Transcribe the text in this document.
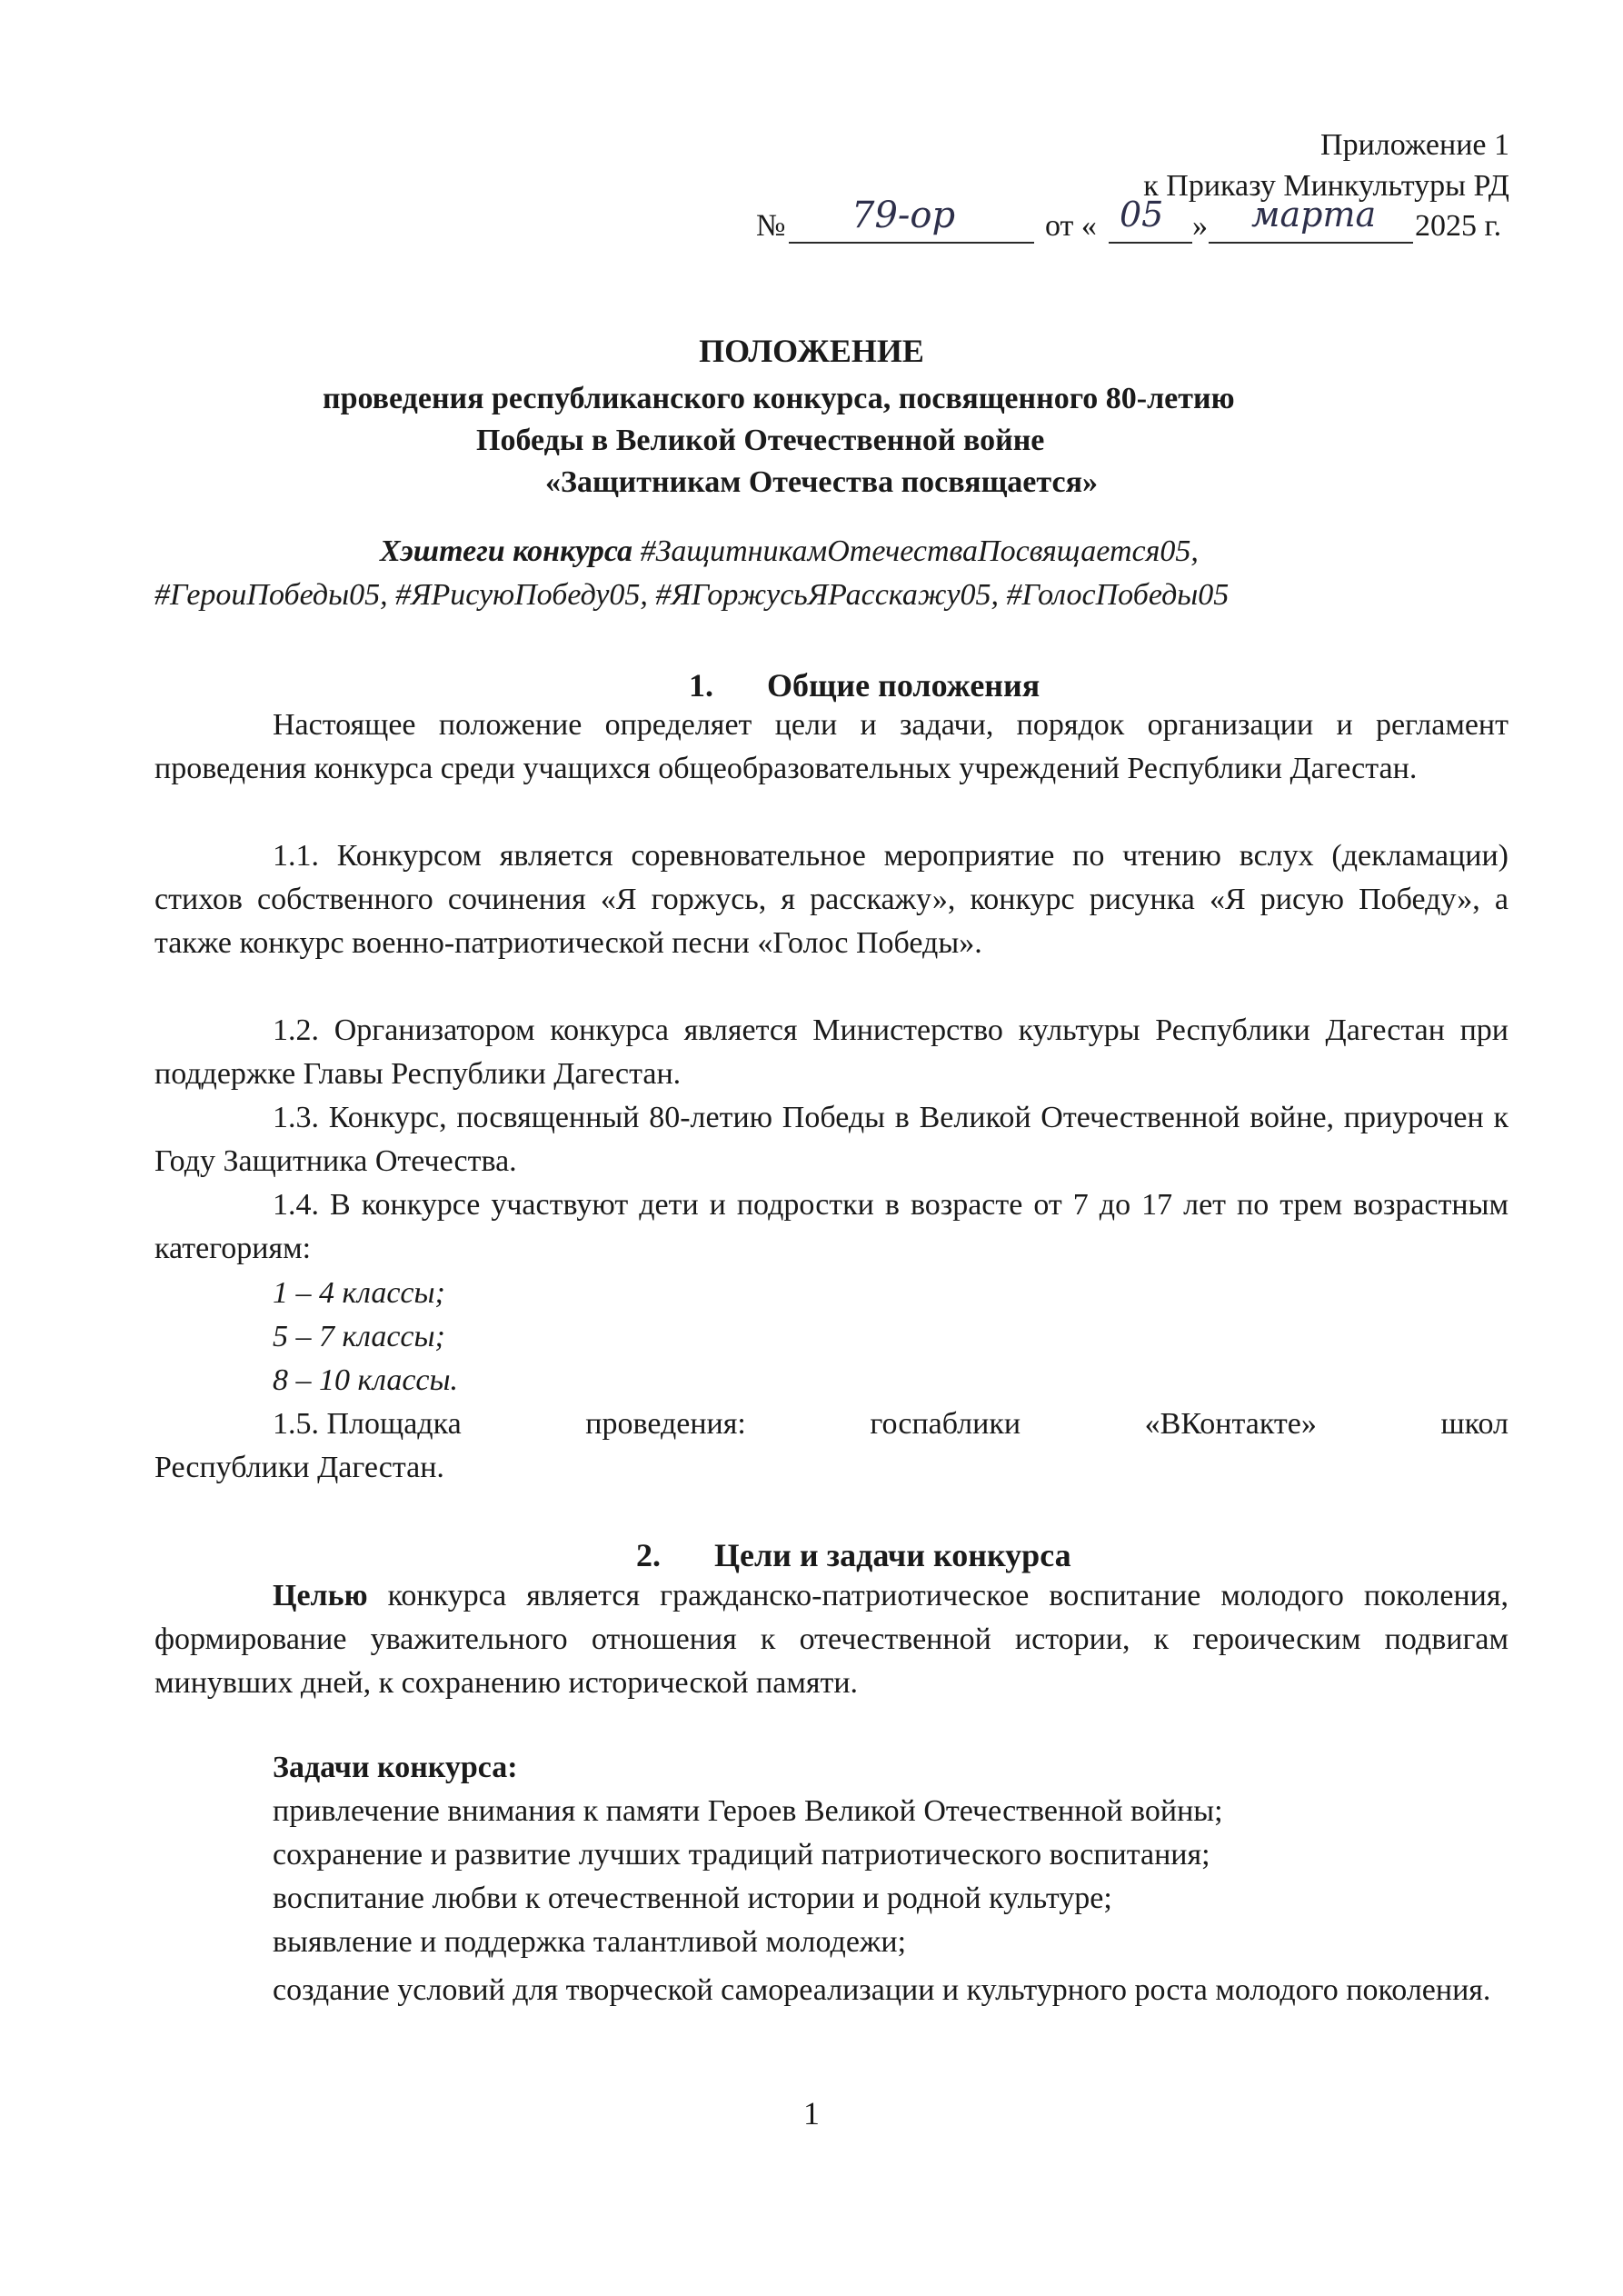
Приложение 1
к Приказу Минкультуры РД
№ 79-ор	от « 05 » марта 2025 г.
ПОЛОЖЕНИЕ
проведения республиканского конкурса, посвященного 80-летию
Победы в Великой Отечественной войне
«Защитникам Отечества посвящается»
Хэштеги конкурса #ЗащитникамОтечестваПосвящается05,
#ГероиПобеды05, #ЯРисуюПобеду05, #ЯГоржусьЯРасскажу05, #ГолосПобеды05
1. Общие положения
Настоящее положение определяет цели и задачи, порядок организации и регламент проведения конкурса среди учащихся общеобразовательных учреждений Республики Дагестан.
1.1. Конкурсом является соревновательное мероприятие по чтению вслух (декламации) стихов собственного сочинения «Я горжусь, я расскажу», конкурс рисунка «Я рисую Победу», а также конкурс военно-патриотической песни «Голос Победы».
1.2. Организатором конкурса является Министерство культуры Республики Дагестан при поддержке Главы Республики Дагестан.
1.3. Конкурс, посвященный 80-летию Победы в Великой Отечественной войне, приурочен к Году Защитника Отечества.
1.4. В конкурсе участвуют дети и подростки в возрасте от 7 до 17 лет по трем возрастным категориям:
1 – 4 классы;
5 – 7 классы;
8 – 10 классы.
1.5. Площадка	проведения:	госпаблики	«ВКонтакте»	школ
Республики Дагестан.
2. Цели и задачи конкурса
Целью конкурса является гражданско-патриотическое воспитание молодого поколения, формирование уважительного отношения к отечественной истории, к героическим подвигам минувших дней, к сохранению исторической памяти.
Задачи конкурса:
привлечение внимания к памяти Героев Великой Отечественной войны;
сохранение и развитие лучших традиций патриотического воспитания;
воспитание любви к отечественной истории и родной культуре;
выявление и поддержка талантливой молодежи;
создание условий для творческой самореализации и культурного роста молодого поколения.
1
